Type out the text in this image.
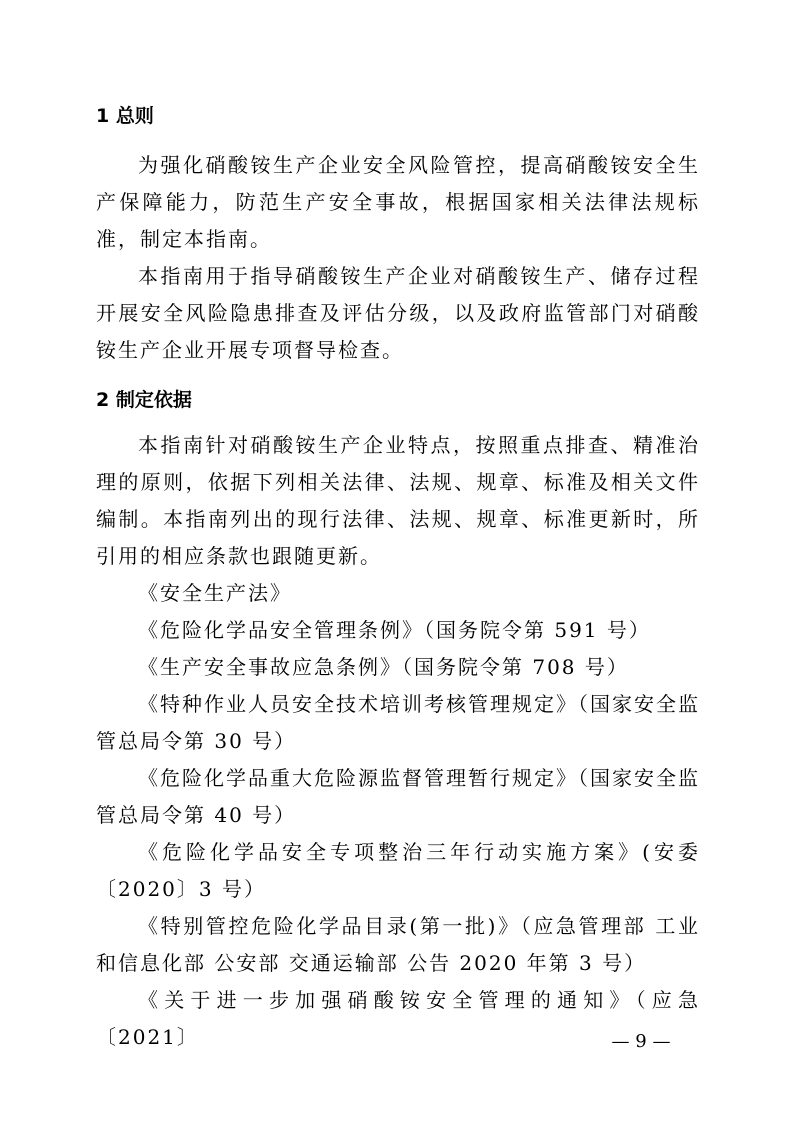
1 总则

为强化硝酸铵生产企业安全风险管控，提高硝酸铵安全生产保障能力，防范生产安全事故，根据国家相关法律法规标准，制定本指南。

本指南用于指导硝酸铵生产企业对硝酸铵生产、储存过程开展安全风险隐患排查及评估分级，以及政府监管部门对硝酸铵生产企业开展专项督导检查。

2 制定依据

本指南针对硝酸铵生产企业特点，按照重点排查、精准治理的原则，依据下列相关法律、法规、规章、标准及相关文件编制。本指南列出的现行法律、法规、规章、标准更新时，所引用的相应条款也跟随更新。

《安全生产法》

《危险化学品安全管理条例》（国务院令第 591 号）

《生产安全事故应急条例》（国务院令第 708 号）

《特种作业人员安全技术培训考核管理规定》（国家安全监管总局令第 30 号）

《危险化学品重大危险源监督管理暂行规定》（国家安全监管总局令第 40 号）

《危险化学品安全专项整治三年行动实施方案》(安委〔2020〕3 号）

《特别管控危险化学品目录(第一批)》（应急管理部 工业和信息化部 公安部 交通运输部 公告 2020 年第 3 号）

《关于进一步加强硝酸铵安全管理的通知》（应急〔2021〕	— 9 —
